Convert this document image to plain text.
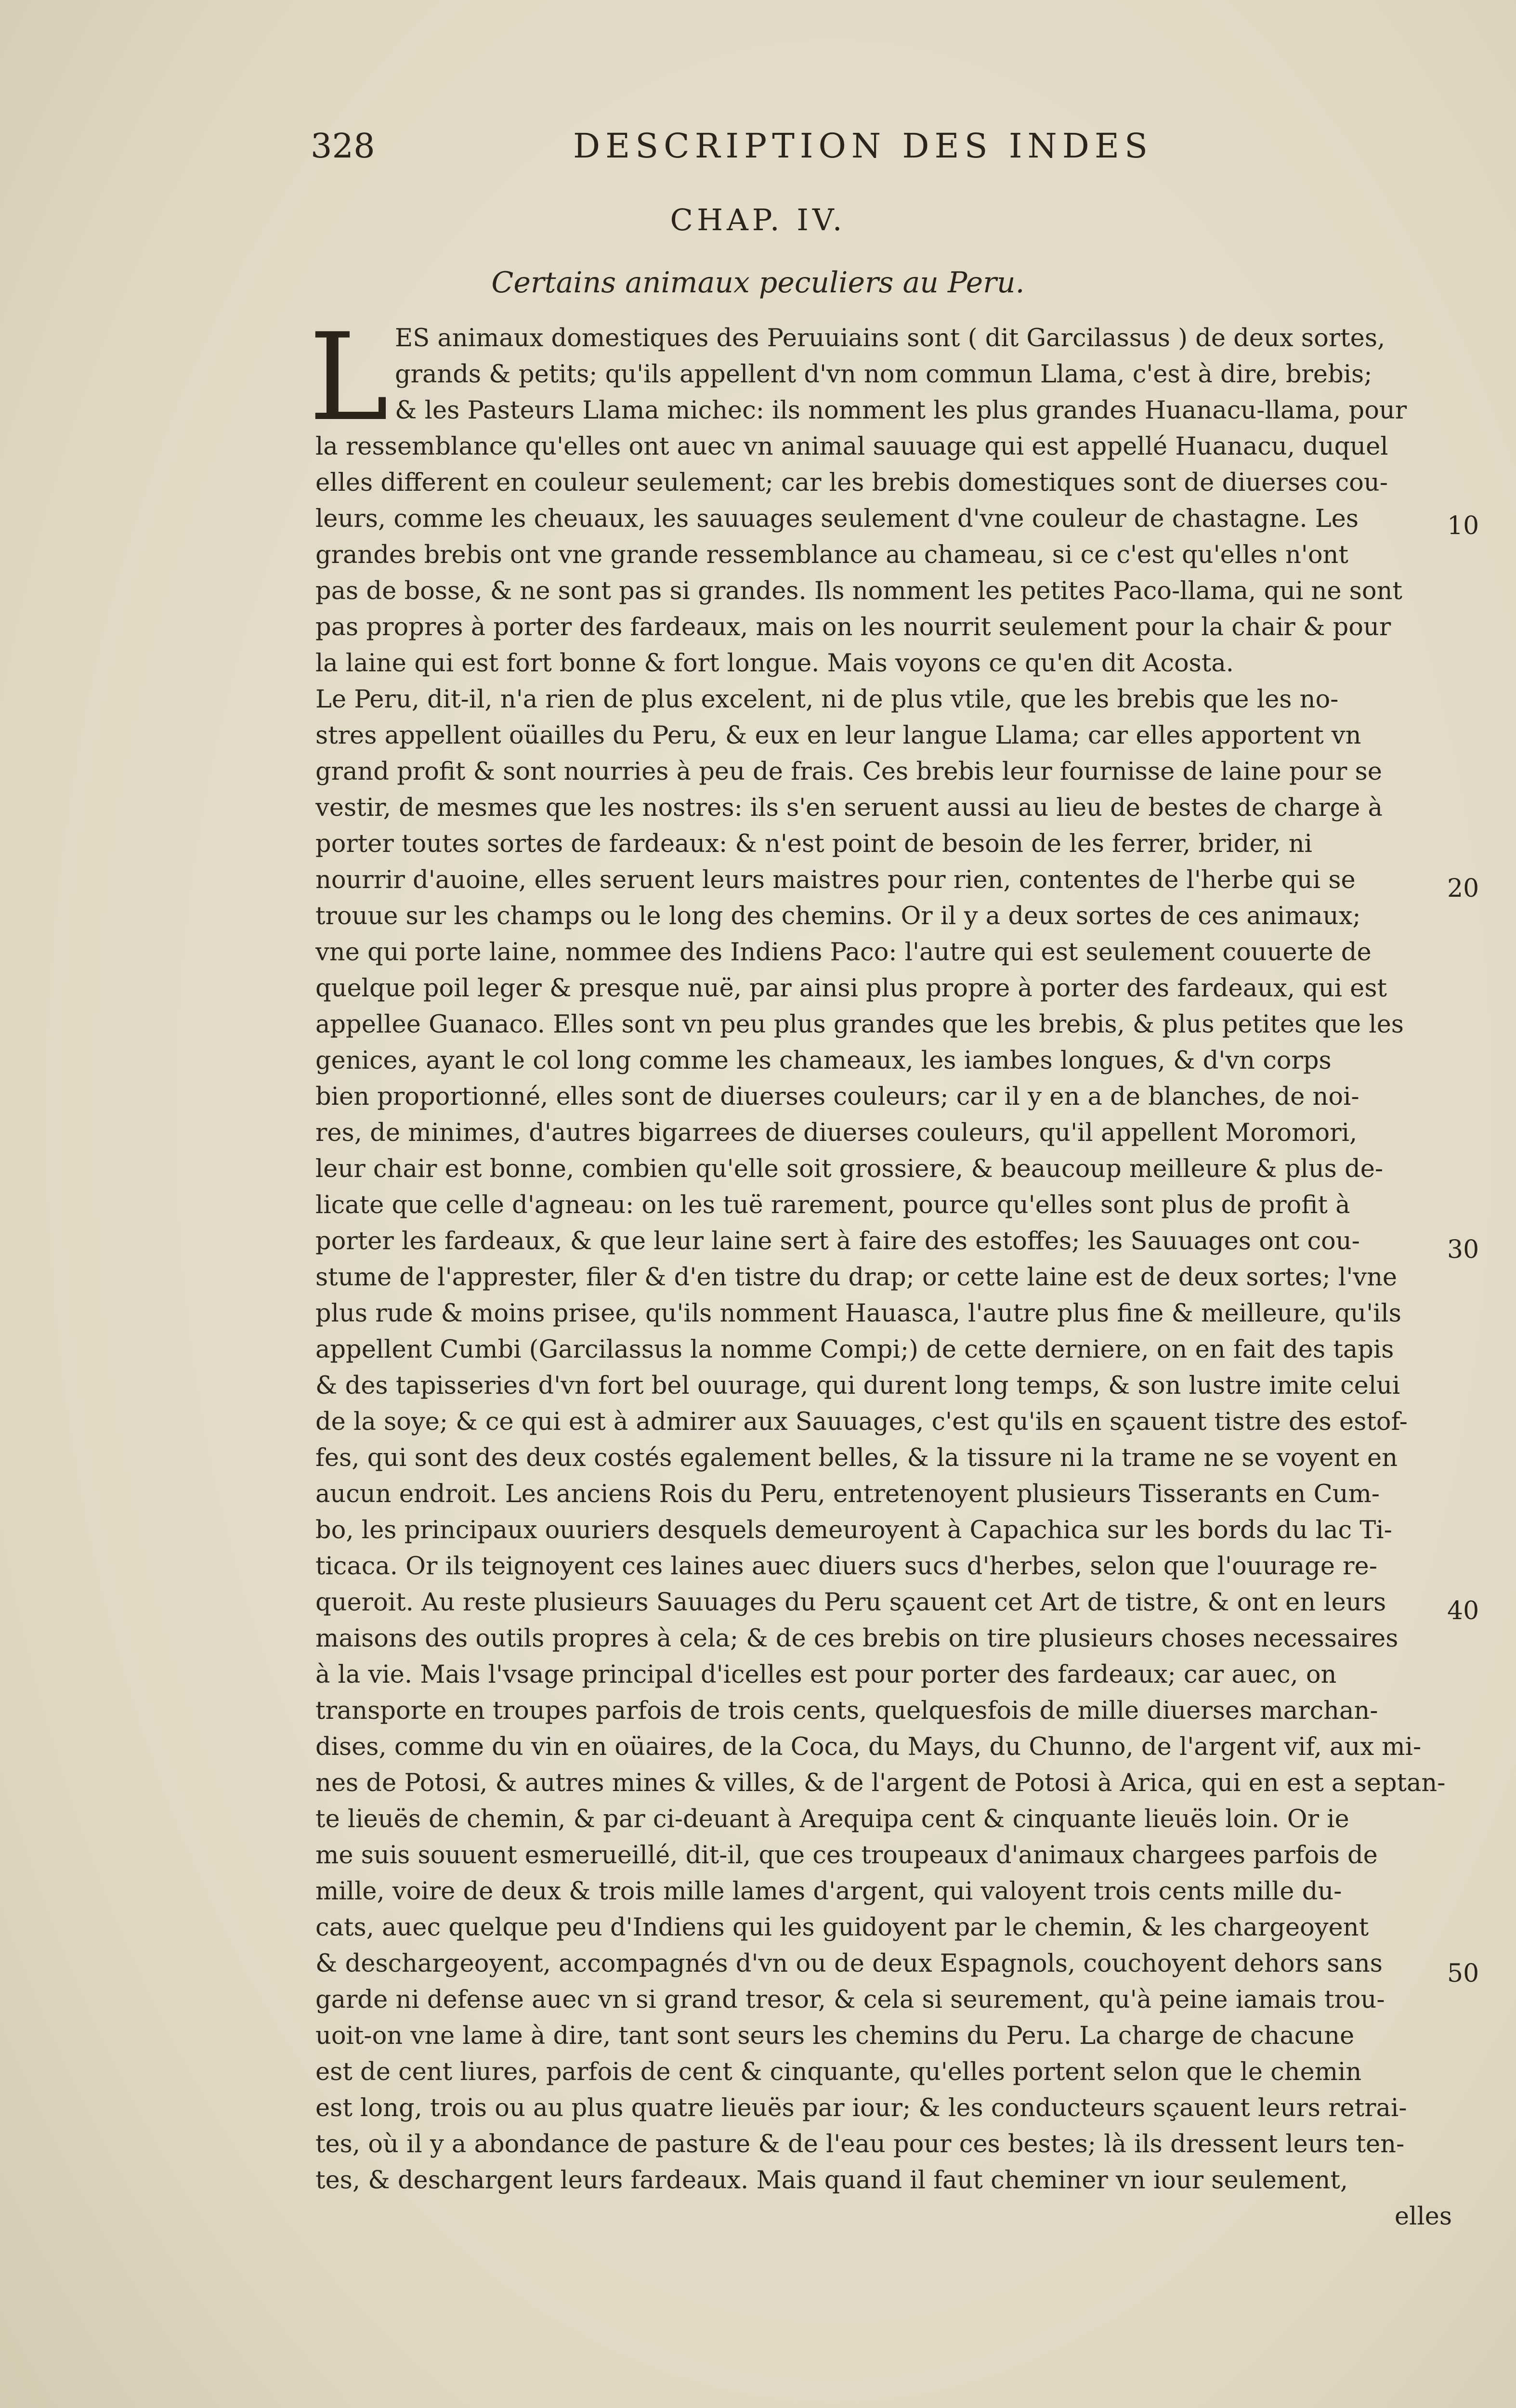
328	DESCRIPTION DES INDES
CHAP. IV.
Certains animaux peculiers au Peru.
L ES animaux domestiques des Peruuiains sont ( dit Garcilassus ) de deux sortes,
grands & petits; qu'ils appellent d'vn nom commun Llama, c'est à dire, brebis;
& les Pasteurs Llama michec: ils nomment les plus grandes Huanacu-llama, pour
la ressemblance qu'elles ont auec vn animal sauuage qui est appellé Huanacu, duquel
elles different en couleur seulement; car les brebis domestiques sont de diuerses cou-
leurs, comme les cheuaux, les sauuages seulement d'vne couleur de chastagne. Les
grandes brebis ont vne grande ressemblance au chameau, si ce c'est qu'elles n'ont
pas de bosse, & ne sont pas si grandes. Ils nomment les petites Paco-llama, qui ne sont
pas propres à porter des fardeaux, mais on les nourrit seulement pour la chair & pour
la laine qui est fort bonne & fort longue. Mais voyons ce qu'en dit Acosta.
Le Peru, dit-il, n'a rien de plus excelent, ni de plus vtile, que les brebis que les no-
stres appellent oüailles du Peru, & eux en leur langue Llama; car elles apportent vn
grand profit & sont nourries à peu de frais. Ces brebis leur fournisse de laine pour se
vestir, de mesmes que les nostres: ils s'en seruent aussi au lieu de bestes de charge à
porter toutes sortes de fardeaux: & n'est point de besoin de les ferrer, brider, ni
nourrir d'auoine, elles seruent leurs maistres pour rien, contentes de l'herbe qui se
trouue sur les champs ou le long des chemins. Or il y a deux sortes de ces animaux;
vne qui porte laine, nommee des Indiens Paco: l'autre qui est seulement couuerte de
quelque poil leger & presque nuë, par ainsi plus propre à porter des fardeaux, qui est
appellee Guanaco. Elles sont vn peu plus grandes que les brebis, & plus petites que les
genices, ayant le col long comme les chameaux, les iambes longues, & d'vn corps
bien proportionné, elles sont de diuerses couleurs; car il y en a de blanches, de noi-
res, de minimes, d'autres bigarrees de diuerses couleurs, qu'il appellent Moromori,
leur chair est bonne, combien qu'elle soit grossiere, & beaucoup meilleure & plus de-
licate que celle d'agneau: on les tuë rarement, pource qu'elles sont plus de profit à
porter les fardeaux, & que leur laine sert à faire des estoffes; les Sauuages ont cou-
stume de l'apprester, filer & d'en tistre du drap; or cette laine est de deux sortes; l'vne
plus rude & moins prisee, qu'ils nomment Hauasca, l'autre plus fine & meilleure, qu'ils
appellent Cumbi (Garcilassus la nomme Compi;) de cette derniere, on en fait des tapis
& des tapisseries d'vn fort bel ouurage, qui durent long temps, & son lustre imite celui
de la soye; & ce qui est à admirer aux Sauuages, c'est qu'ils en sçauent tistre des estof-
fes, qui sont des deux costés egalement belles, & la tissure ni la trame ne se voyent en
aucun endroit. Les anciens Rois du Peru, entretenoyent plusieurs Tisserants en Cum-
bo, les principaux ouuriers desquels demeuroyent à Capachica sur les bords du lac Ti-
ticaca. Or ils teignoyent ces laines auec diuers sucs d'herbes, selon que l'ouurage re-
queroit. Au reste plusieurs Sauuages du Peru sçauent cet Art de tistre, & ont en leurs
maisons des outils propres à cela; & de ces brebis on tire plusieurs choses necessaires
à la vie. Mais l'vsage principal d'icelles est pour porter des fardeaux; car auec, on
transporte en troupes parfois de trois cents, quelquesfois de mille diuerses marchan-
dises, comme du vin en oüaires, de la Coca, du Mays, du Chunno, de l'argent vif, aux mi-
nes de Potosi, & autres mines & villes, & de l'argent de Potosi à Arica, qui en est a septan-
te lieuës de chemin, & par ci-deuant à Arequipa cent & cinquante lieuës loin. Or ie
me suis souuent esmerueillé, dit-il, que ces troupeaux d'animaux chargees parfois de
mille, voire de deux & trois mille lames d'argent, qui valoyent trois cents mille du-
cats, auec quelque peu d'Indiens qui les guidoyent par le chemin, & les chargeoyent
& deschargeoyent, accompagnés d'vn ou de deux Espagnols, couchoyent dehors sans
garde ni defense auec vn si grand tresor, & cela si seurement, qu'à peine iamais trou-
uoit-on vne lame à dire, tant sont seurs les chemins du Peru. La charge de chacune
est de cent liures, parfois de cent & cinquante, qu'elles portent selon que le chemin
est long, trois ou au plus quatre lieuës par iour; & les conducteurs sçauent leurs retrai-
tes, où il y a abondance de pasture & de l'eau pour ces bestes; là ils dressent leurs ten-
tes, & deschargent leurs fardeaux. Mais quand il faut cheminer vn iour seulement,
elles
10
20
30
40
50
